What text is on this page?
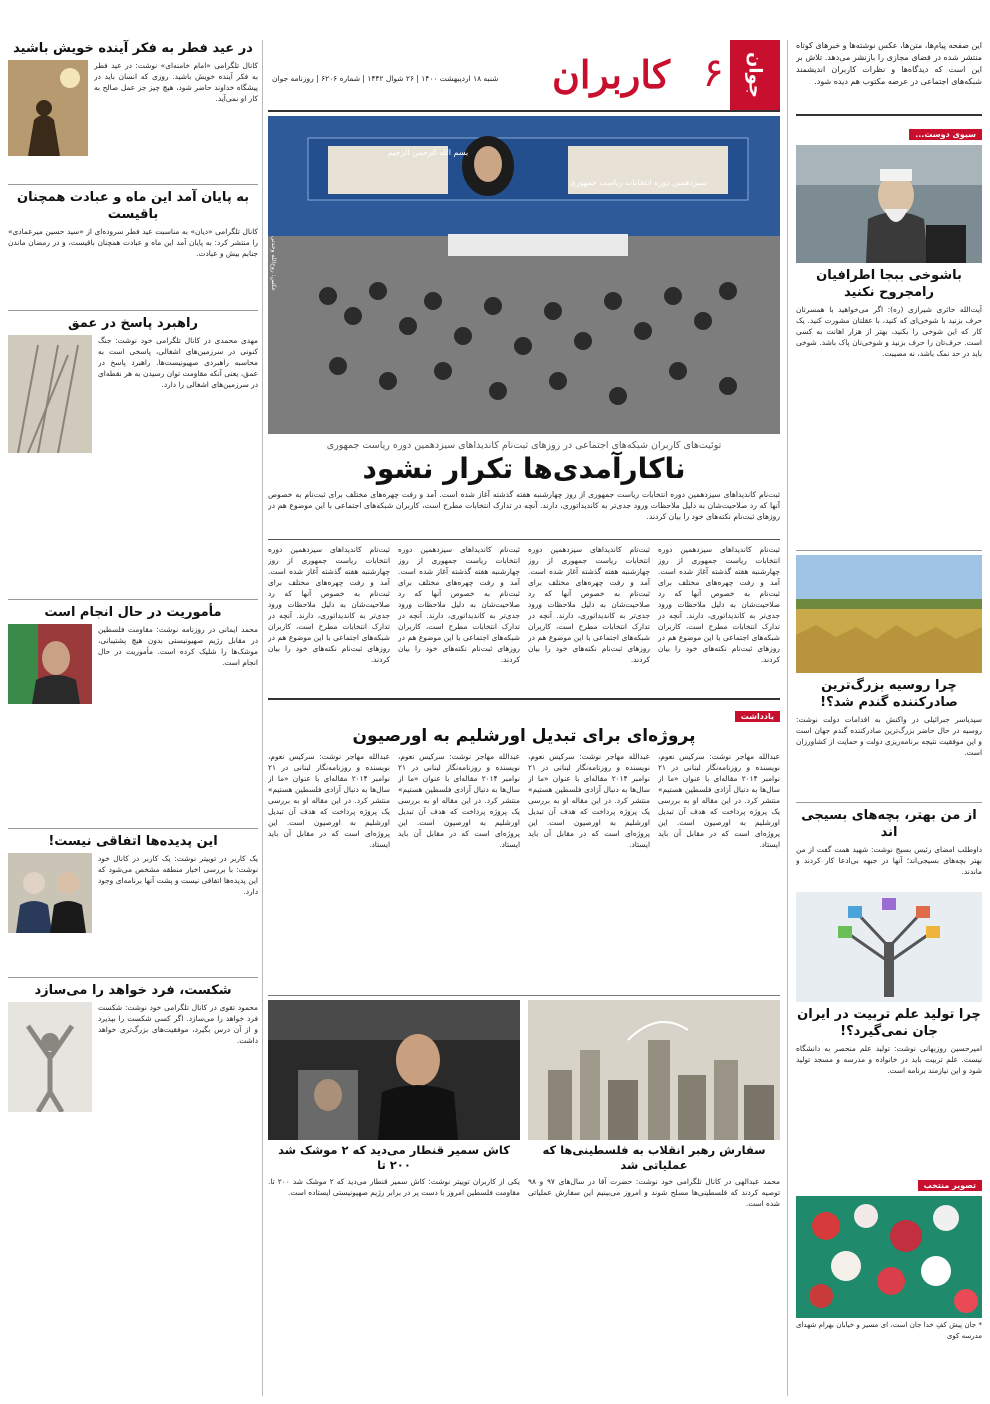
جوان
۶
کاربران
شنبه ۱۸ اردیبهشت ۱۴۰۰ | ۲۶ شوال ۱۴۴۲ | شماره ۶۲۰۶ | روزنامه جوان
این صفحه پیام‌ها، متن‌ها، عکس‌ نوشته‌ها و خبرهای کوتاه منتشر شده در فضای مجازی را بازنشر می‌دهد. تلاش بر این است که دیدگاه‌ها و نظرات کاربران اندیشمند شبکه‌های اجتماعی در عرصه مکتوب هم دیده شود.
سیوی دوست...
باشوخی ببجا اطرافیان رامجروح نکنید
آیت‌الله حائری شیرازی (ره): اگر می‌خواهید با همسرتان حرف بزنید با شوخی‌ای که کنید، با عقلتان مشورت کنید. یک کار که این شوخی را بکنید، بهتر از هزار اهانت به کسی است. حرف‌تان را حرف بزنید و شوخی‌تان پاک باشد. شوخی باید در حد نمک باشد، نه مصیبت.
چرا روسیه بزرگ‌ترین صادرکننده گندم شد؟!
سیدیاسر جبرائیلی در واکنش به اقدامات دولت نوشت: روسیه در حال حاضر بزرگ‌ترین صادرکننده گندم جهان است و این موفقیت نتیجه برنامه‌ریزی دولت و حمایت از کشاورزان است.
از من بهتر، بچه‌های بسیجی اند
داوطلب امضای رئیس بسیج نوشت: شهید همت گفت از من بهتر بچه‌های بسیجی‌اند؛ آنها در جبهه بی‌ادعا کار کردند و ماندند.
چرا تولید علم تربیت در ایران جان نمی‌گیرد؟!
امیرحسین روزبهانی نوشت: تولید علم منحصر به دانشگاه نیست. علم تربیت باید در خانواده و مدرسه و مسجد تولید شود و این نیازمند برنامه است.
تصویر منتخب
* جان پیش کفِ خدا جان است، ای مسیر و خیابان بهرام شهدای مدرسه کوی
عکس: روح‌الله وحدتی
بسم الله الرحمن الرحیم
سیزدهمین دوره انتخابات ریاست جمهوری
توئیت‌های کاربران شبکه‌های اجتماعی در روزهای ثبت‌نام کاندیداهای سیزدهمین دوره ریاست جمهوری
ناکارآمدی‌ها تکرار نشود
ثبت‌نام کاندیداهای سیزدهمین دوره انتخابات ریاست جمهوری از روز چهارشنبه هفته گذشته آغاز شده است. آمد و رفت چهره‌های مختلف برای ثبت‌نام به خصوص آنها که رد صلاحیت‌شان به دلیل ملاحظات ورود جدی‌تر به کاندیداتوری، دارند. آنچه در تدارک انتخابات مطرح است، کاربران شبکه‌های اجتماعی با این موضوع هم در روزهای ثبت‌نام نکته‌های خود را بیان کردند.
ثبت‌نام کاندیداهای سیزدهمین دوره انتخابات ریاست جمهوری از روز چهارشنبه هفته گذشته آغاز شده است. آمد و رفت چهره‌های مختلف برای ثبت‌نام به خصوص آنها که رد صلاحیت‌شان به دلیل ملاحظات ورود جدی‌تر به کاندیداتوری، دارند. آنچه در تدارک انتخابات مطرح است، کاربران شبکه‌های اجتماعی با این موضوع هم در روزهای ثبت‌نام نکته‌های خود را بیان کردند.
ثبت‌نام کاندیداهای سیزدهمین دوره انتخابات ریاست جمهوری از روز چهارشنبه هفته گذشته آغاز شده است. آمد و رفت چهره‌های مختلف برای ثبت‌نام به خصوص آنها که رد صلاحیت‌شان به دلیل ملاحظات ورود جدی‌تر به کاندیداتوری، دارند. آنچه در تدارک انتخابات مطرح است، کاربران شبکه‌های اجتماعی با این موضوع هم در روزهای ثبت‌نام نکته‌های خود را بیان کردند.
ثبت‌نام کاندیداهای سیزدهمین دوره انتخابات ریاست جمهوری از روز چهارشنبه هفته گذشته آغاز شده است. آمد و رفت چهره‌های مختلف برای ثبت‌نام به خصوص آنها که رد صلاحیت‌شان به دلیل ملاحظات ورود جدی‌تر به کاندیداتوری، دارند. آنچه در تدارک انتخابات مطرح است، کاربران شبکه‌های اجتماعی با این موضوع هم در روزهای ثبت‌نام نکته‌های خود را بیان کردند.
ثبت‌نام کاندیداهای سیزدهمین دوره انتخابات ریاست جمهوری از روز چهارشنبه هفته گذشته آغاز شده است. آمد و رفت چهره‌های مختلف برای ثبت‌نام به خصوص آنها که رد صلاحیت‌شان به دلیل ملاحظات ورود جدی‌تر به کاندیداتوری، دارند. آنچه در تدارک انتخابات مطرح است، کاربران شبکه‌های اجتماعی با این موضوع هم در روزهای ثبت‌نام نکته‌های خود را بیان کردند.
یادداشت
پروژه‌ای برای تبدیل اورشلیم به اورصیون
عبدالله مهاجر نوشت: سرکیس نعوم، نویسنده و روزنامه‌نگار لبنانی در ۲۱ نوامبر ۲۰۱۴ مقاله‌ای با عنوان «ما از سال‌ها به دنبال آزادی فلسطین هستیم» منتشر کرد. در این مقاله او به بررسی یک پروژه پرداخت که هدف آن تبدیل اورشلیم به اورصیون است. این پروژه‌ای است که در مقابل آن باید ایستاد.
عبدالله مهاجر نوشت: سرکیس نعوم، نویسنده و روزنامه‌نگار لبنانی در ۲۱ نوامبر ۲۰۱۴ مقاله‌ای با عنوان «ما از سال‌ها به دنبال آزادی فلسطین هستیم» منتشر کرد. در این مقاله او به بررسی یک پروژه پرداخت که هدف آن تبدیل اورشلیم به اورصیون است. این پروژه‌ای است که در مقابل آن باید ایستاد.
عبدالله مهاجر نوشت: سرکیس نعوم، نویسنده و روزنامه‌نگار لبنانی در ۲۱ نوامبر ۲۰۱۴ مقاله‌ای با عنوان «ما از سال‌ها به دنبال آزادی فلسطین هستیم» منتشر کرد. در این مقاله او به بررسی یک پروژه پرداخت که هدف آن تبدیل اورشلیم به اورصیون است. این پروژه‌ای است که در مقابل آن باید ایستاد.
عبدالله مهاجر نوشت: سرکیس نعوم، نویسنده و روزنامه‌نگار لبنانی در ۲۱ نوامبر ۲۰۱۴ مقاله‌ای با عنوان «ما از سال‌ها به دنبال آزادی فلسطین هستیم» منتشر کرد. در این مقاله او به بررسی یک پروژه پرداخت که هدف آن تبدیل اورشلیم به اورصیون است. این پروژه‌ای است که در مقابل آن باید ایستاد.
سفارش رهبر انقلاب به فلسطینی‌ها که عملیاتی شد
محمد عبدالهی در کانال تلگرامی خود نوشت: حضرت آقا در سال‌های ۹۷ و ۹۸ توصیه کردند که فلسطینی‌ها مسلح شوند و امروز می‌بینیم این سفارش عملیاتی شده است.
کاش سمیر قنطار می‌دید که ۲ موشک شد ۲۰۰ تا
یکی از کاربران توییتر نوشت: کاش سمیر قنطار می‌دید که ۲ موشک شد ۲۰۰ تا. مقاومت فلسطین امروز با دست پر در برابر رژیم صهیونیستی ایستاده است.
در عید فطر به فکر آینده خویش باشید
کانال تلگرامی «امام خامنه‌ای» نوشت: در عید فطر به فکر آینده خویش باشید. روزی که انسان باید در پیشگاه خداوند حاضر شود، هیچ چیز جز عمل صالح به کار او نمی‌آید.
به پایان آمد این ماه و عبادت همچنان باقیست
کانال تلگرامی «دیان» به مناسبت عید فطر سروده‌ای از «سید حسین میرعمادی» را منتشر کرد: به پایان آمد این ماه و عبادت همچنان باقیست، و در رمضان ماندن جنابم بیش و عبادت.
راهبرد پاسخ در عمق
مهدی محمدی در کانال تلگرامی خود نوشت: جنگ کنونی در سرزمین‌های اشغالی، پاسخی است به محاسبه راهبردی صهیونیست‌ها. راهبرد پاسخ در عمق، یعنی آنکه مقاومت توان رسیدن به هر نقطه‌ای در سرزمین‌های اشغالی را دارد.
مأموریت در حال انجام است
محمد ایمانی در روزنامه نوشت: مقاومت فلسطین در مقابل رژیم صهیونیستی بدون هیچ پشتیبانی، موشک‌ها را شلیک کرده است. مأموریت در حال انجام است.
این پدیده‌ها اتفاقی نیست!
یک کاربر در توییتر نوشت: یک کاربر در کانال خود نوشت: با بررسی اخبار منطقه مشخص می‌شود که این پدیده‌ها اتفاقی نیست و پشت آنها برنامه‌ای وجود دارد.
شکست، فرد خواهد را می‌سازد
محمود تقوی در کانال تلگرامی خود نوشت: شکست فرد خواهد را می‌سازد. اگر کسی شکست را بپذیرد و از آن درس بگیرد، موفقیت‌های بزرگ‌تری خواهد داشت.
